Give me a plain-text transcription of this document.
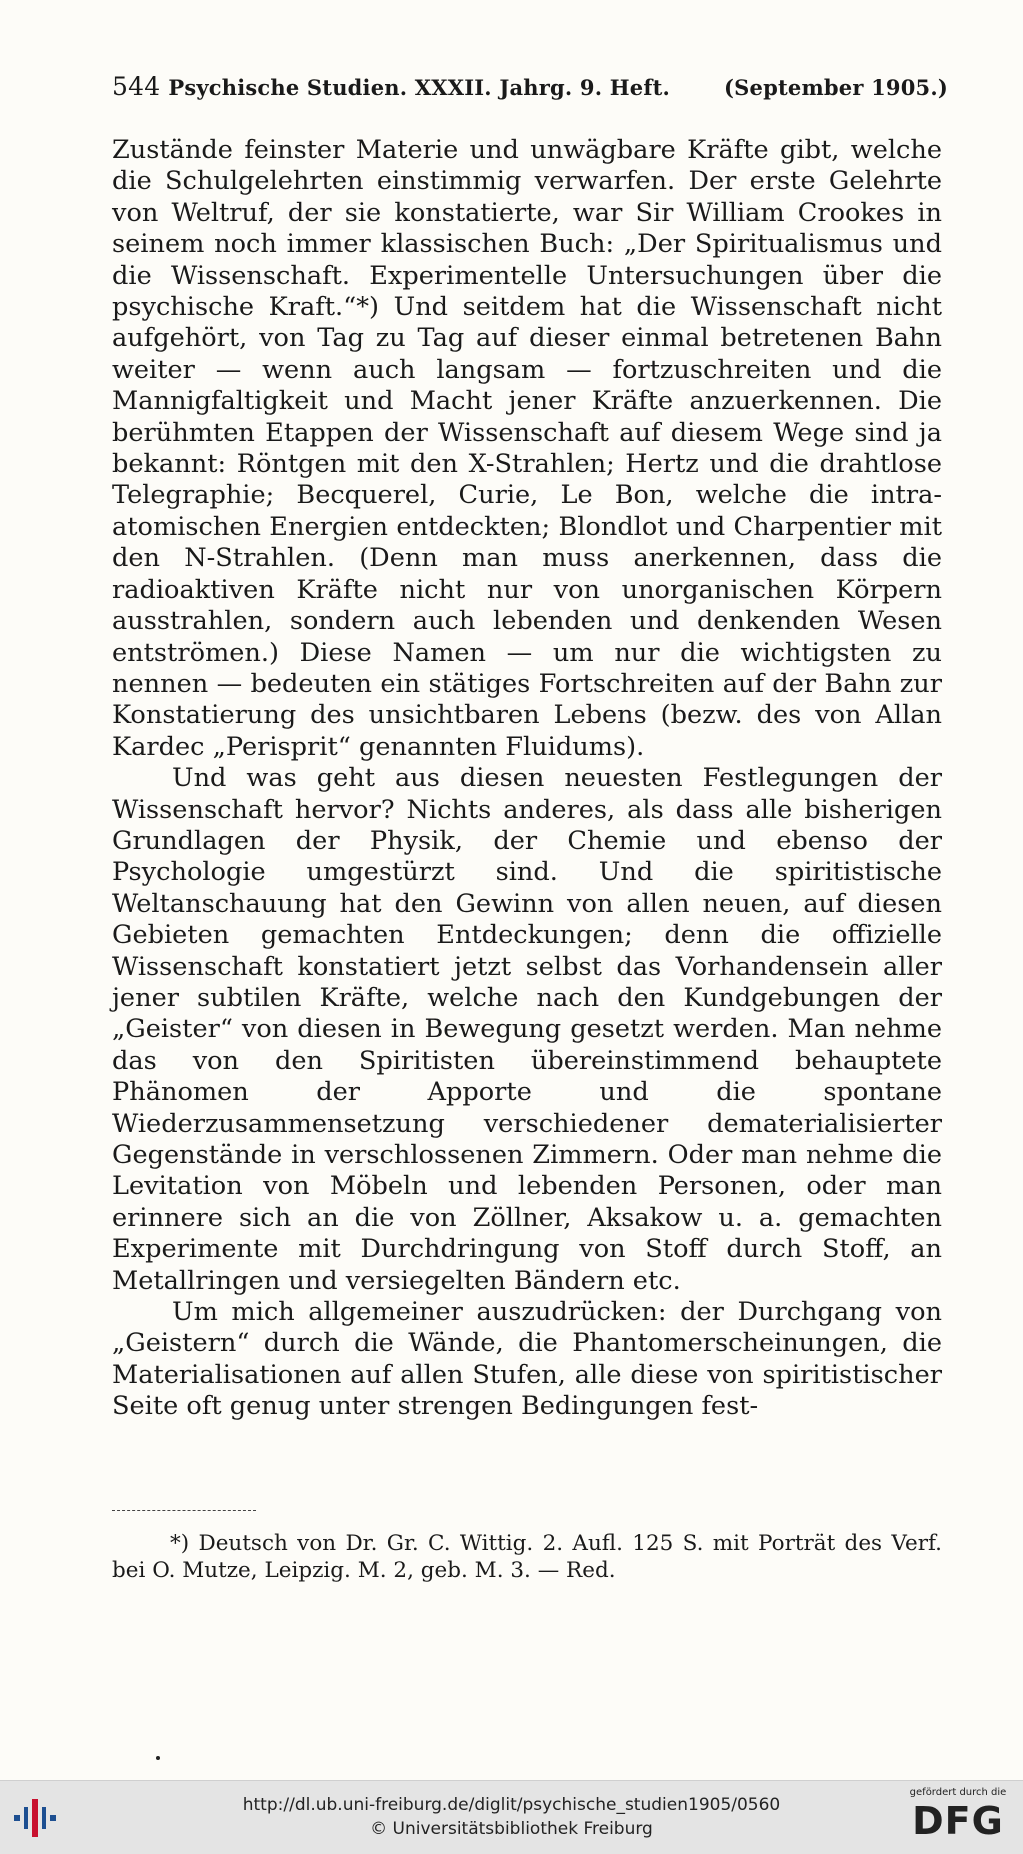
544 Psychische Studien. XXXII. Jahrg. 9. Heft.	(September 1905.)

Zustände feinster Materie und unwägbare Kräfte gibt, welche die Schulgelehrten einstimmig verwarfen. Der erste Gelehrte von Weltruf, der sie konstatierte, war Sir William Crookes in seinem noch immer klassischen Buch: „Der Spiritualismus und die Wissenschaft. Experimentelle Untersuchungen über die psychische Kraft.“*) Und seitdem hat die Wissenschaft nicht aufgehört, von Tag zu Tag auf dieser einmal betretenen Bahn weiter — wenn auch langsam — fortzuschreiten und die Mannigfaltigkeit und Macht jener Kräfte anzuerkennen. Die berühmten Etappen der Wissenschaft auf diesem Wege sind ja bekannt: Röntgen mit den X-Strahlen; Hertz und die drahtlose Telegraphie; Becquerel, Curie, Le Bon, welche die intra-atomischen Energien entdeckten; Blondlot und Charpentier mit den N-Strahlen. (Denn man muss anerkennen, dass die radioaktiven Kräfte nicht nur von unorganischen Körpern ausstrahlen, sondern auch lebenden und denkenden Wesen entströmen.) Diese Namen — um nur die wichtigsten zu nennen — bedeuten ein stätiges Fortschreiten auf der Bahn zur Konstatierung des unsichtbaren Lebens (bezw. des von Allan Kardec „Perisprit“ genannten Fluidums).

Und was geht aus diesen neuesten Festlegungen der Wissenschaft hervor? Nichts anderes, als dass alle bisherigen Grundlagen der Physik, der Chemie und ebenso der Psychologie umgestürzt sind. Und die spiritistische Weltanschauung hat den Gewinn von allen neuen, auf diesen Gebieten gemachten Entdeckungen; denn die offizielle Wissenschaft konstatiert jetzt selbst das Vorhandensein aller jener subtilen Kräfte, welche nach den Kundgebungen der „Geister“ von diesen in Bewegung gesetzt werden. Man nehme das von den Spiritisten übereinstimmend behauptete Phänomen der Apporte und die spontane Wiederzusammensetzung verschiedener dematerialisierter Gegenstände in verschlossenen Zimmern. Oder man nehme die Levitation von Möbeln und lebenden Personen, oder man erinnere sich an die von Zöllner, Aksakow u. a. gemachten Experimente mit Durchdringung von Stoff durch Stoff, an Metallringen und versiegelten Bändern etc.

Um mich allgemeiner auszudrücken: der Durchgang von „Geistern“ durch die Wände, die Phantomerscheinungen, die Materialisationen auf allen Stufen, alle diese von spiritistischer Seite oft genug unter strengen Bedingungen fest-

*) Deutsch von Dr. Gr. C. Wittig. 2. Aufl. 125 S. mit Porträt des Verf. bei O. Mutze, Leipzig. M. 2, geb. M. 3. — Red.
http://dl.ub.uni-freiburg.de/diglit/psychische_studien1905/0560
© Universitätsbibliothek Freiburg
gefördert durch die
DFG
